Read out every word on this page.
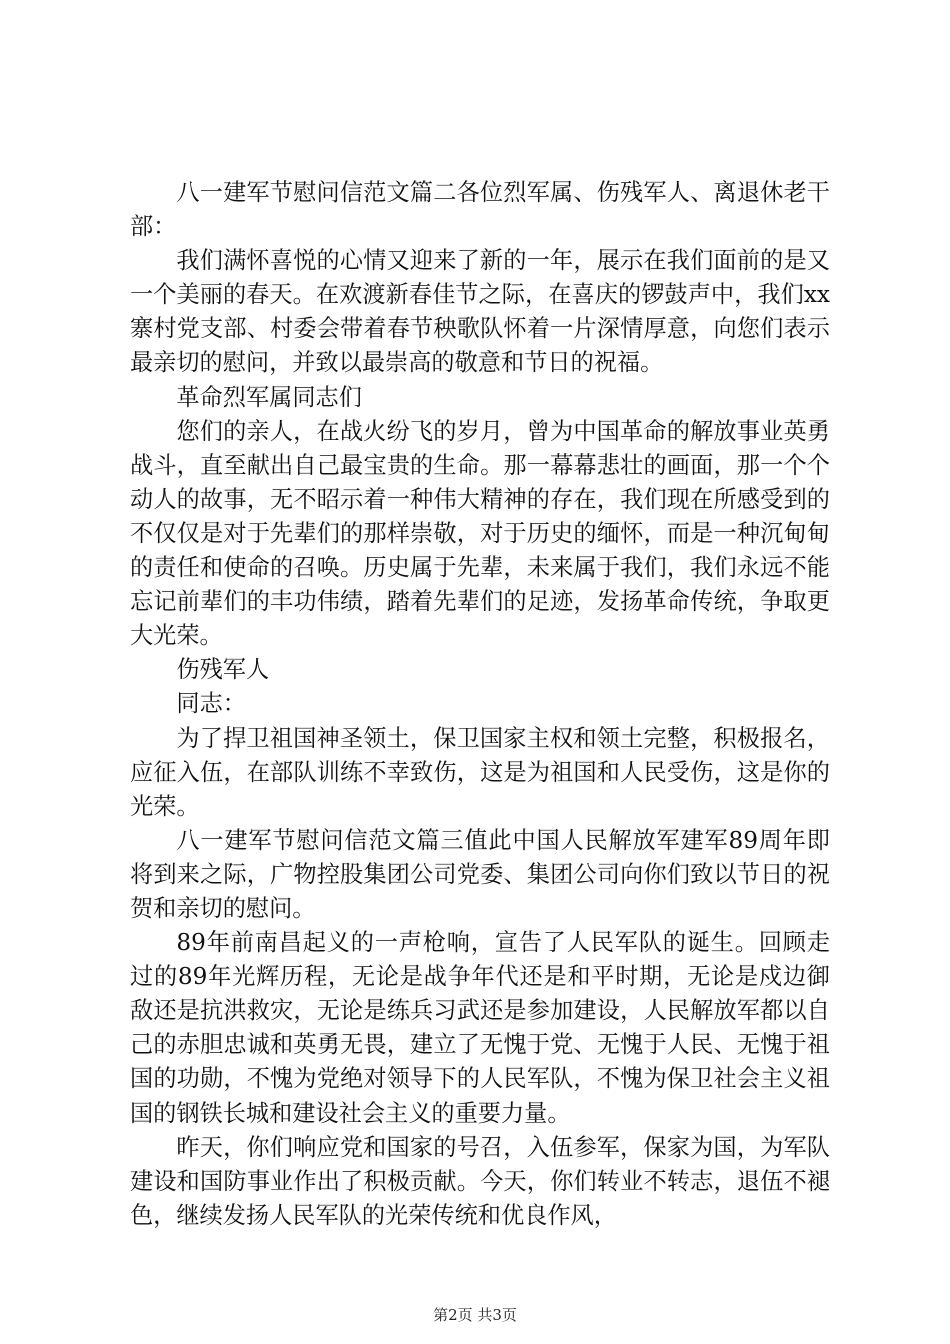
八一建军节慰问信范文篇二各位烈军属、伤残军人、离退休老干部：

我们满怀喜悦的心情又迎来了新的一年，展示在我们面前的是又一个美丽的春天。在欢渡新春佳节之际，在喜庆的锣鼓声中，我们xx寨村党支部、村委会带着春节秧歌队怀着一片深情厚意，向您们表示最亲切的慰问，并致以最崇高的敬意和节日的祝福。

革命烈军属同志们

您们的亲人，在战火纷飞的岁月，曾为中国革命的解放事业英勇战斗，直至献出自己最宝贵的生命。那一幕幕悲壮的画面，那一个个动人的故事，无不昭示着一种伟大精神的存在，我们现在所感受到的不仅仅是对于先辈们的那样崇敬，对于历史的缅怀，而是一种沉甸甸的责任和使命的召唤。历史属于先辈，未来属于我们，我们永远不能忘记前辈们的丰功伟绩，踏着先辈们的足迹，发扬革命传统，争取更大光荣。

伤残军人

同志：

为了捍卫祖国神圣领土，保卫国家主权和领土完整，积极报名，应征入伍，在部队训练不幸致伤，这是为祖国和人民受伤，这是你的光荣。

八一建军节慰问信范文篇三值此中国人民解放军建军89周年即将到来之际，广物控股集团公司党委、集团公司向你们致以节日的祝贺和亲切的慰问。

89年前南昌起义的一声枪响，宣告了人民军队的诞生。回顾走过的89年光辉历程，无论是战争年代还是和平时期，无论是戍边御敌还是抗洪救灾，无论是练兵习武还是参加建设，人民解放军都以自己的赤胆忠诚和英勇无畏，建立了无愧于党、无愧于人民、无愧于祖国的功勋，不愧为党绝对领导下的人民军队，不愧为保卫社会主义祖国的钢铁长城和建设社会主义的重要力量。

昨天，你们响应党和国家的号召，入伍参军，保家为国，为军队建设和国防事业作出了积极贡献。今天，你们转业不转志，退伍不褪色，继续发扬人民军队的光荣传统和优良作风，

第2页 共3页
